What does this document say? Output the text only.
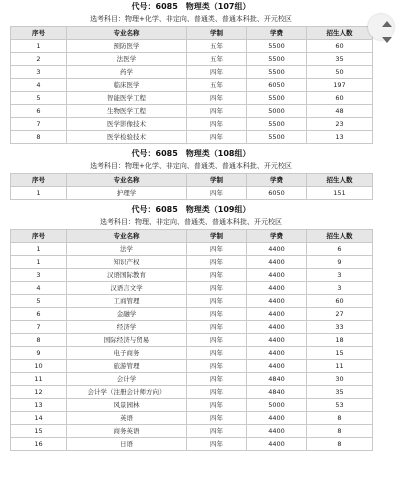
代号：6085　物理类（107组）
选考科目：物理+化学、非定向、普通类、普通本科批、开元校区
序号	专业名称	学制	学费	招生人数
1	预防医学	五年	5500	60
2	法医学	五年	5500	35
3	药学	四年	5500	50
4	临床医学	五年	6050	197
5	智能医学工程	四年	5500	60
6	生物医学工程	四年	5000	48
7	医学影像技术	四年	5500	23
8	医学检验技术	四年	5500	13
代号：6085　物理类（108组）
选考科目：物理+化学、非定向、普通类、普通本科批、开元校区
序号	专业名称	学制	学费	招生人数
1	护理学	四年	6050	151
代号：6085　物理类（109组）
选考科目：物理、非定向、普通类、普通本科批、开元校区
序号	专业名称	学制	学费	招生人数
1	法学	四年	4400	6
1	知识产权	四年	4400	9
3	汉语国际教育	四年	4400	3
4	汉语言文学	四年	4400	3
5	工商管理	四年	4400	60
6	金融学	四年	4400	27
7	经济学	四年	4400	33
8	国际经济与贸易	四年	4400	18
9	电子商务	四年	4400	15
10	旅游管理	四年	4400	11
11	会计学	四年	4840	30
12	会计学（注册会计师方向）	四年	4840	35
13	风景园林	四年	5000	53
14	英语	四年	4400	8
15	商务英语	四年	4400	8
16	日语	四年	4400	8
